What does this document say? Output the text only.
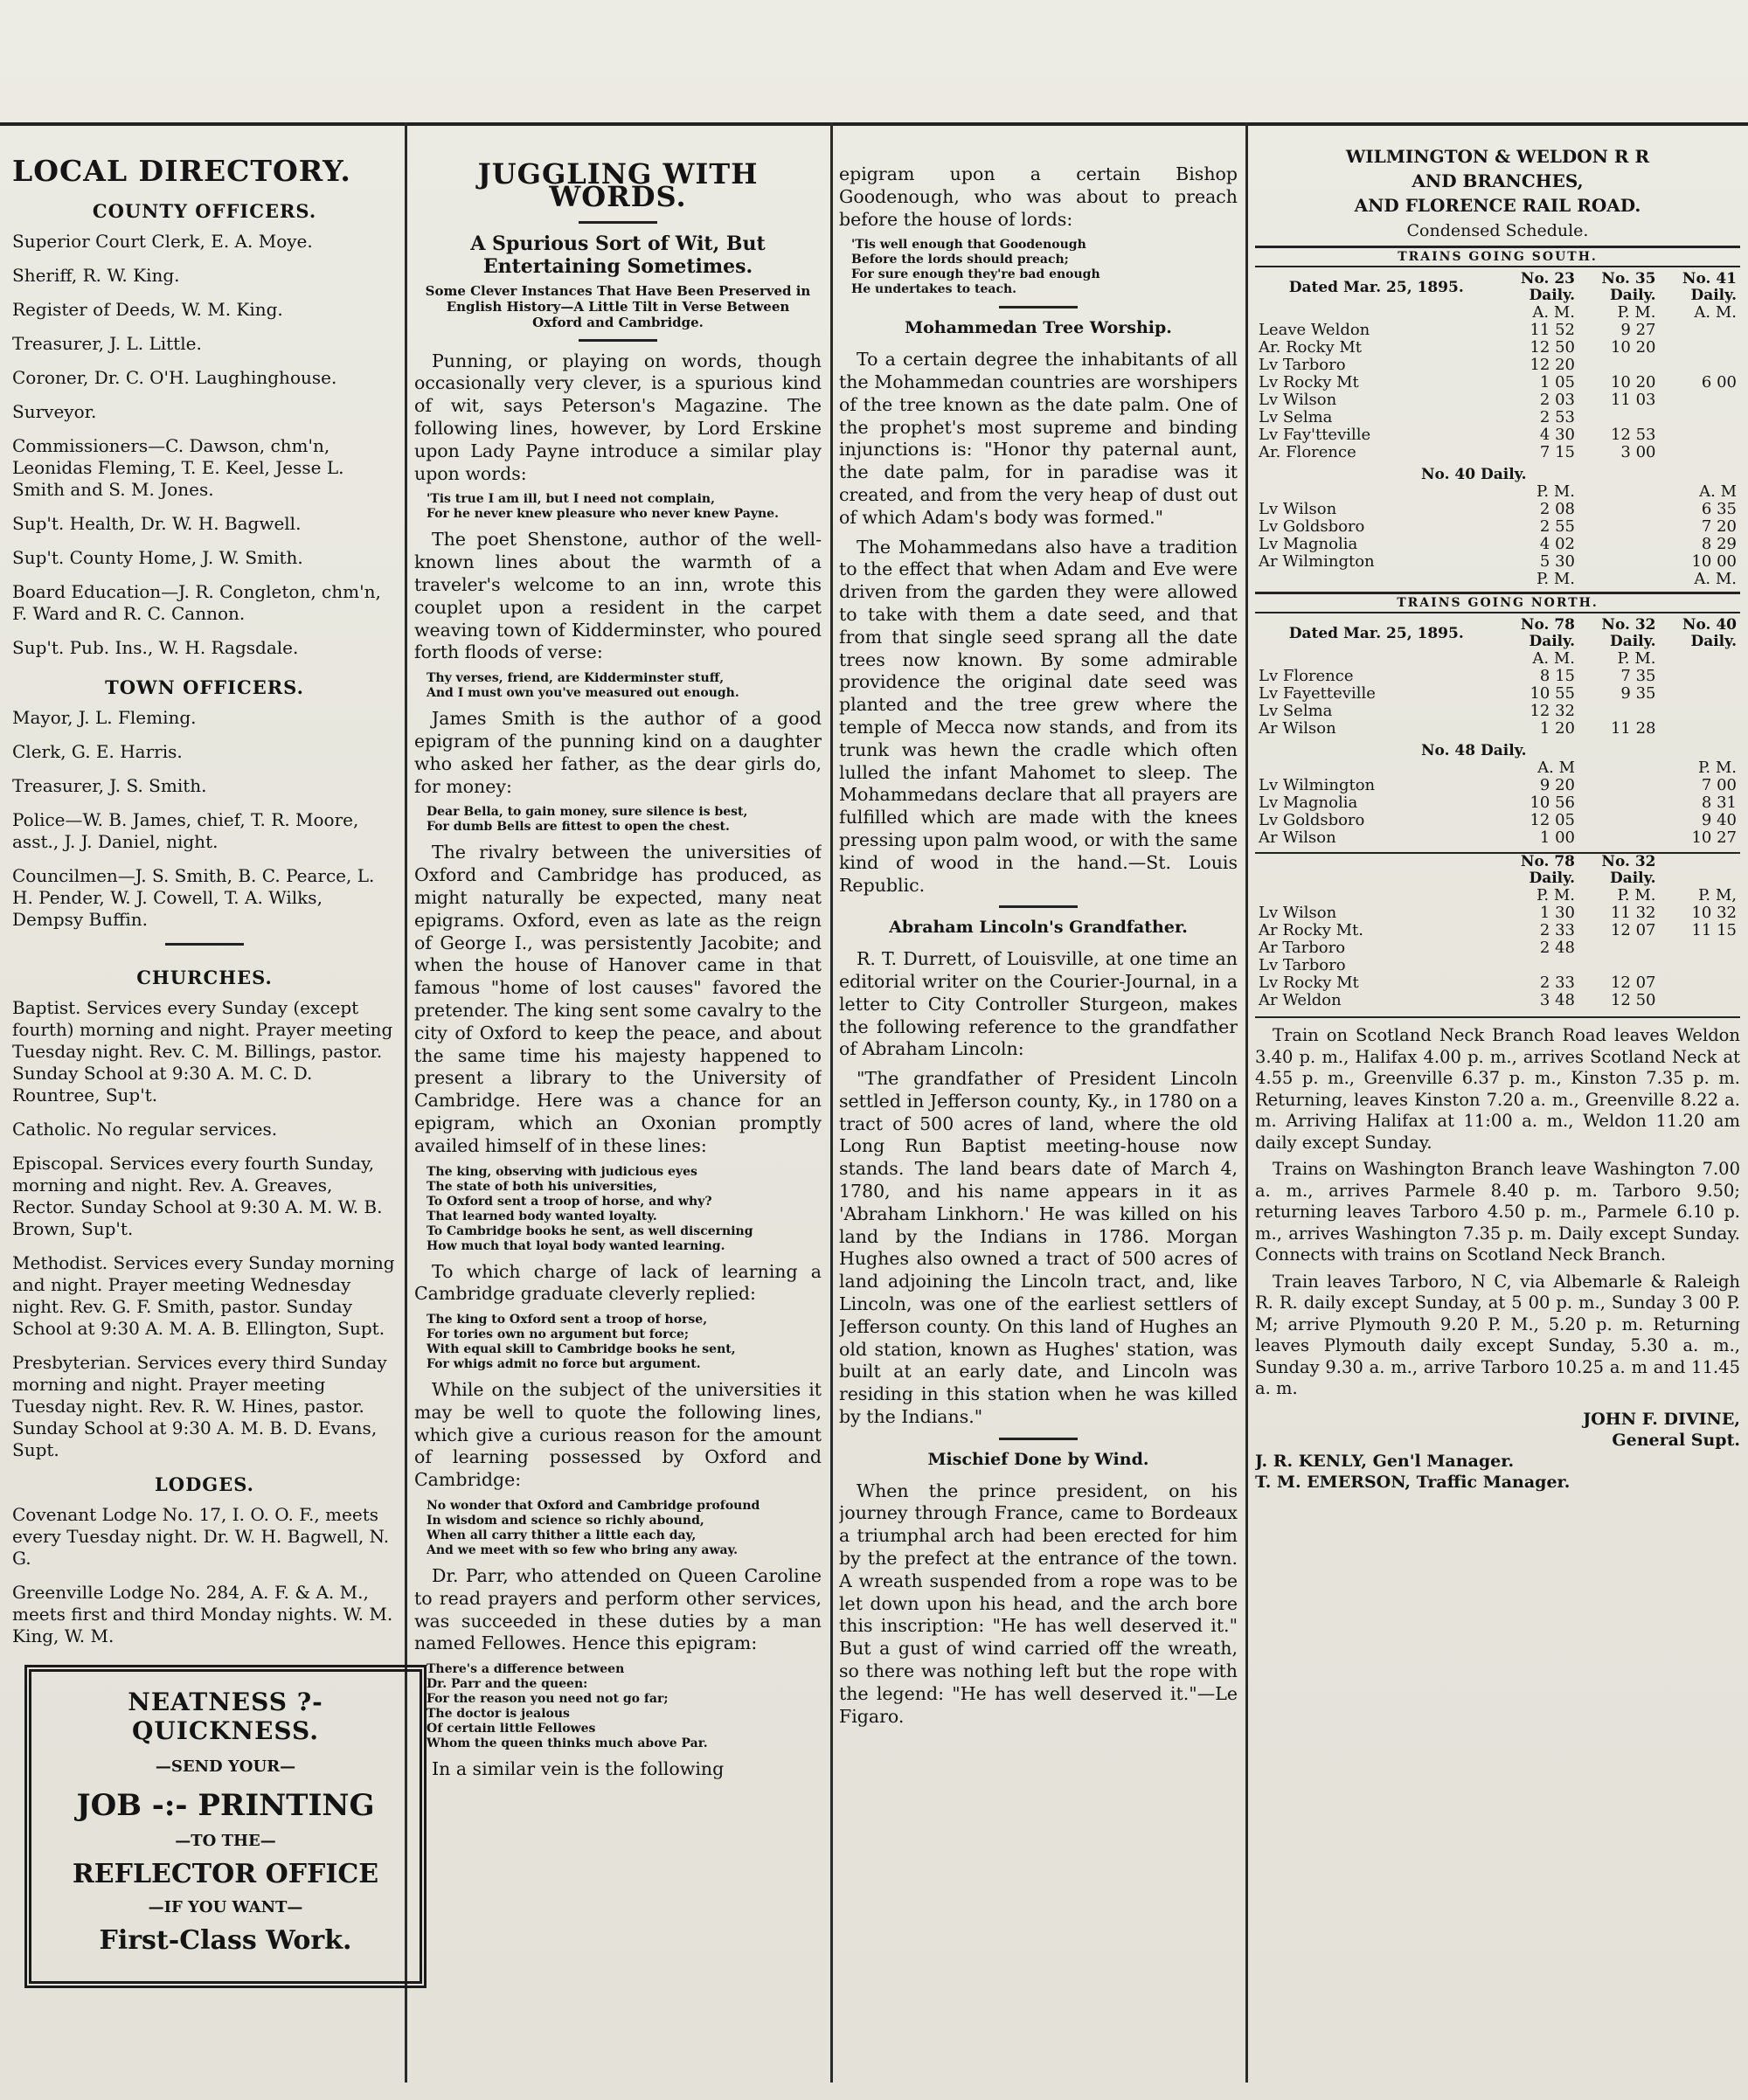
LOCAL DIRECTORY.
COUNTY OFFICERS.
Superior Court Clerk, E. A. Moye.
Sheriff, R. W. King.
Register of Deeds, W. M. King.
Treasurer, J. L. Little.
Coroner, Dr. C. O'H. Laughinghouse.
Surveyor.
Commissioners—C. Dawson, chm'n, Leonidas Fleming, T. E. Keel, Jesse L. Smith and S. M. Jones.
Sup't. Health, Dr. W. H. Bagwell.
Sup't. County Home, J. W. Smith.
Board Education—J. R. Congleton, chm'n, F. Ward and R. C. Cannon.
Sup't. Pub. Ins., W. H. Ragsdale.
TOWN OFFICERS.
Mayor, J. L. Fleming.
Clerk, G. E. Harris.
Treasurer, J. S. Smith.
Police—W. B. James, chief, T. R. Moore, asst., J. J. Daniel, night.
Councilmen—J. S. Smith, B. C. Pearce, L. H. Pender, W. J. Cowell, T. A. Wilks, Dempsy Buffin.
CHURCHES.
Baptist. Services every Sunday (except fourth) morning and night. Prayer meeting Tuesday night. Rev. C. M. Billings, pastor. Sunday School at 9:30 A. M. C. D. Rountree, Sup't.
Catholic. No regular services.
Episcopal. Services every fourth Sunday, morning and night. Rev. A. Greaves, Rector. Sunday School at 9:30 A. M. W. B. Brown, Sup't.
Methodist. Services every Sunday morning and night. Prayer meeting Wednesday night. Rev. G. F. Smith, pastor. Sunday School at 9:30 A. M. A. B. Ellington, Supt.
Presbyterian. Services every third Sunday morning and night. Prayer meeting Tuesday night. Rev. R. W. Hines, pastor. Sunday School at 9:30 A. M. B. D. Evans, Supt.
LODGES.
Covenant Lodge No. 17, I. O. O. F., meets every Tuesday night. Dr. W. H. Bagwell, N. G.
Greenville Lodge No. 284, A. F. & A. M., meets first and third Monday nights. W. M. King, W. M.
NEATNESS ?-QUICKNESS.
—SEND YOUR—
JOB -:- PRINTING
—TO THE—
REFLECTOR OFFICE
—IF YOU WANT—
First-Class Work.
JUGGLING WITH WORDS.
A Spurious Sort of Wit, But Entertaining Sometimes.
Some Clever Instances That Have Been Preserved in English History—A Little Tilt in Verse Between Oxford and Cambridge.

Punning, or playing on words, though occasionally very clever, is a spurious kind of wit, says Peterson's Magazine. The following lines, however, by Lord Erskine upon Lady Payne introduce a similar play upon words:

'Tis true I am ill, but I need not complain,
For he never knew pleasure who never knew Payne.

The poet Shenstone, author of the well-known lines about the warmth of a traveler's welcome to an inn, wrote this couplet upon a resident in the carpet weaving town of Kidderminster, who poured forth floods of verse:

Thy verses, friend, are Kidderminster stuff,
And I must own you've measured out enough.

James Smith is the author of a good epigram of the punning kind on a daughter who asked her father, as the dear girls do, for money:

Dear Bella, to gain money, sure silence is best,
For dumb Bells are fittest to open the chest.

The rivalry between the universities of Oxford and Cambridge has produced, as might naturally be expected, many neat epigrams. Oxford, even as late as the reign of George I., was persistently Jacobite; and when the house of Hanover came in that famous "home of lost causes" favored the pretender. The king sent some cavalry to the city of Oxford to keep the peace, and about the same time his majesty happened to present a library to the University of Cambridge. Here was a chance for an epigram, which an Oxonian promptly availed himself of in these lines:

The king, observing with judicious eyes
The state of both his universities,
To Oxford sent a troop of horse, and why?
That learned body wanted loyalty.
To Cambridge books he sent, as well discerning
How much that loyal body wanted learning.

To which charge of lack of learning a Cambridge graduate cleverly replied:

The king to Oxford sent a troop of horse,
For tories own no argument but force;
With equal skill to Cambridge books he sent,
For whigs admit no force but argument.

While on the subject of the universities it may be well to quote the following lines, which give a curious reason for the amount of learning possessed by Oxford and Cambridge:

No wonder that Oxford and Cambridge profound
In wisdom and science so richly abound,
When all carry thither a little each day,
And we meet with so few who bring any away.

Dr. Parr, who attended on Queen Caroline to read prayers and perform other services, was succeeded in these duties by a man named Fellowes. Hence this epigram:

There's a difference between
Dr. Parr and the queen:
For the reason you need not go far;
The doctor is jealous
Of certain little Fellowes
Whom the queen thinks much above Par.

In a similar vein is the following

epigram upon a certain Bishop Goodenough, who was about to preach before the house of lords:

'Tis well enough that Goodenough
Before the lords should preach;
For sure enough they're bad enough
He undertakes to teach.
Mohammedan Tree Worship.

To a certain degree the inhabitants of all the Mohammedan countries are worshipers of the tree known as the date palm. One of the prophet's most supreme and binding injunctions is: "Honor thy paternal aunt, the date palm, for in paradise was it created, and from the very heap of dust out of which Adam's body was formed."

The Mohammedans also have a tradition to the effect that when Adam and Eve were driven from the garden they were allowed to take with them a date seed, and that from that single seed sprang all the date trees now known. By some admirable providence the original date seed was planted and the tree grew where the temple of Mecca now stands, and from its trunk was hewn the cradle which often lulled the infant Mahomet to sleep. The Mohammedans declare that all prayers are fulfilled which are made with the knees pressing upon palm wood, or with the same kind of wood in the hand.—St. Louis Republic.

Abraham Lincoln's Grandfather.

R. T. Durrett, of Louisville, at one time an editorial writer on the Courier-Journal, in a letter to City Controller Sturgeon, makes the following reference to the grandfather of Abraham Lincoln:

"The grandfather of President Lincoln settled in Jefferson county, Ky., in 1780 on a tract of 500 acres of land, where the old Long Run Baptist meeting-house now stands. The land bears date of March 4, 1780, and his name appears in it as 'Abraham Linkhorn.' He was killed on his land by the Indians in 1786. Morgan Hughes also owned a tract of 500 acres of land adjoining the Lincoln tract, and, like Lincoln, was one of the earliest settlers of Jefferson county. On this land of Hughes an old station, known as Hughes' station, was built at an early date, and Lincoln was residing in this station when he was killed by the Indians."

Mischief Done by Wind.

When the prince president, on his journey through France, came to Bordeaux a triumphal arch had been erected for him by the prefect at the entrance of the town. A wreath suspended from a rope was to be let down upon his head, and the arch bore this inscription: "He has well deserved it." But a gust of wind carried off the wreath, so there was nothing left but the rope with the legend: "He has well deserved it."—Le Figaro.

WILMINGTON & WELDON R R
AND BRANCHES,
AND FLORENCE RAIL ROAD.
Condensed Schedule.
TRAINS GOING SOUTH.
Dated Mar. 25, 1895.	No. 23 Daily.	No. 35 Daily.	No. 41 Daily.
	A. M.	P. M.	A. M.
Leave Weldon	11 52	9 27	
Ar. Rocky Mt	12 50	10 20	

Lv Tarboro	12 20		

Lv Rocky Mt	1 05	10 20	6 00
Lv Wilson	2 03	11 03	
Lv Selma	2 53		
Lv Fay'tteville	4 30	12 53	
Ar. Florence	7 15	3 00	
No. 40 Daily.
	P. M.		A. M
Lv Wilson	2 08		6 35
Lv Goldsboro	2 55		7 20
Lv Magnolia	4 02		8 29
Ar Wilmington	5 30		10 00
	P. M.		A. M.
TRAINS GOING NORTH.
Dated Mar. 25, 1895.	No. 78 Daily.	No. 32 Daily.	No. 40 Daily.
	A. M.	P. M.	
Lv Florence	8 15	7 35	
Lv Fayetteville	10 55	9 35	
Lv Selma	12 32		
Ar Wilson	1 20	11 28	
No. 48 Daily.
	A. M		P. M.
Lv Wilmington	9 20		7 00
Lv Magnolia	10 56		8 31
Lv Goldsboro	12 05		9 40
Ar Wilson	1 00		10 27
	No. 78 Daily.	No. 32 Daily.	
	P. M.	P. M.	P. M,
Lv Wilson	1 30	11 32	10 32
Ar Rocky Mt.	2 33	12 07	11 15

Ar Tarboro	2 48		
Lv Tarboro			
Lv Rocky Mt	2 33	12 07	
Ar Weldon	3 48	12 50	

Train on Scotland Neck Branch Road leaves Weldon 3.40 p. m., Halifax 4.00 p. m., arrives Scotland Neck at 4.55 p. m., Greenville 6.37 p. m., Kinston 7.35 p. m. Returning, leaves Kinston 7.20 a. m., Greenville 8.22 a. m. Arriving Halifax at 11:00 a. m., Weldon 11.20 am daily except Sunday.

Trains on Washington Branch leave Washington 7.00 a. m., arrives Parmele 8.40 p. m. Tarboro 9.50; returning leaves Tarboro 4.50 p. m., Parmele 6.10 p. m., arrives Washington 7.35 p. m. Daily except Sunday. Connects with trains on Scotland Neck Branch.

Train leaves Tarboro, N C, via Albemarle & Raleigh R. R. daily except Sunday, at 5 00 p. m., Sunday 3 00 P. M; arrive Plymouth 9.20 P. M., 5.20 p. m. Returning leaves Plymouth daily except Sunday, 5.30 a. m., Sunday 9.30 a. m., arrive Tarboro 10.25 a. m and 11.45 a. m.

JOHN F. DIVINE,
General Supt.
J. R. KENLY, Gen'l Manager.
T. M. EMERSON, Traffic Manager.
